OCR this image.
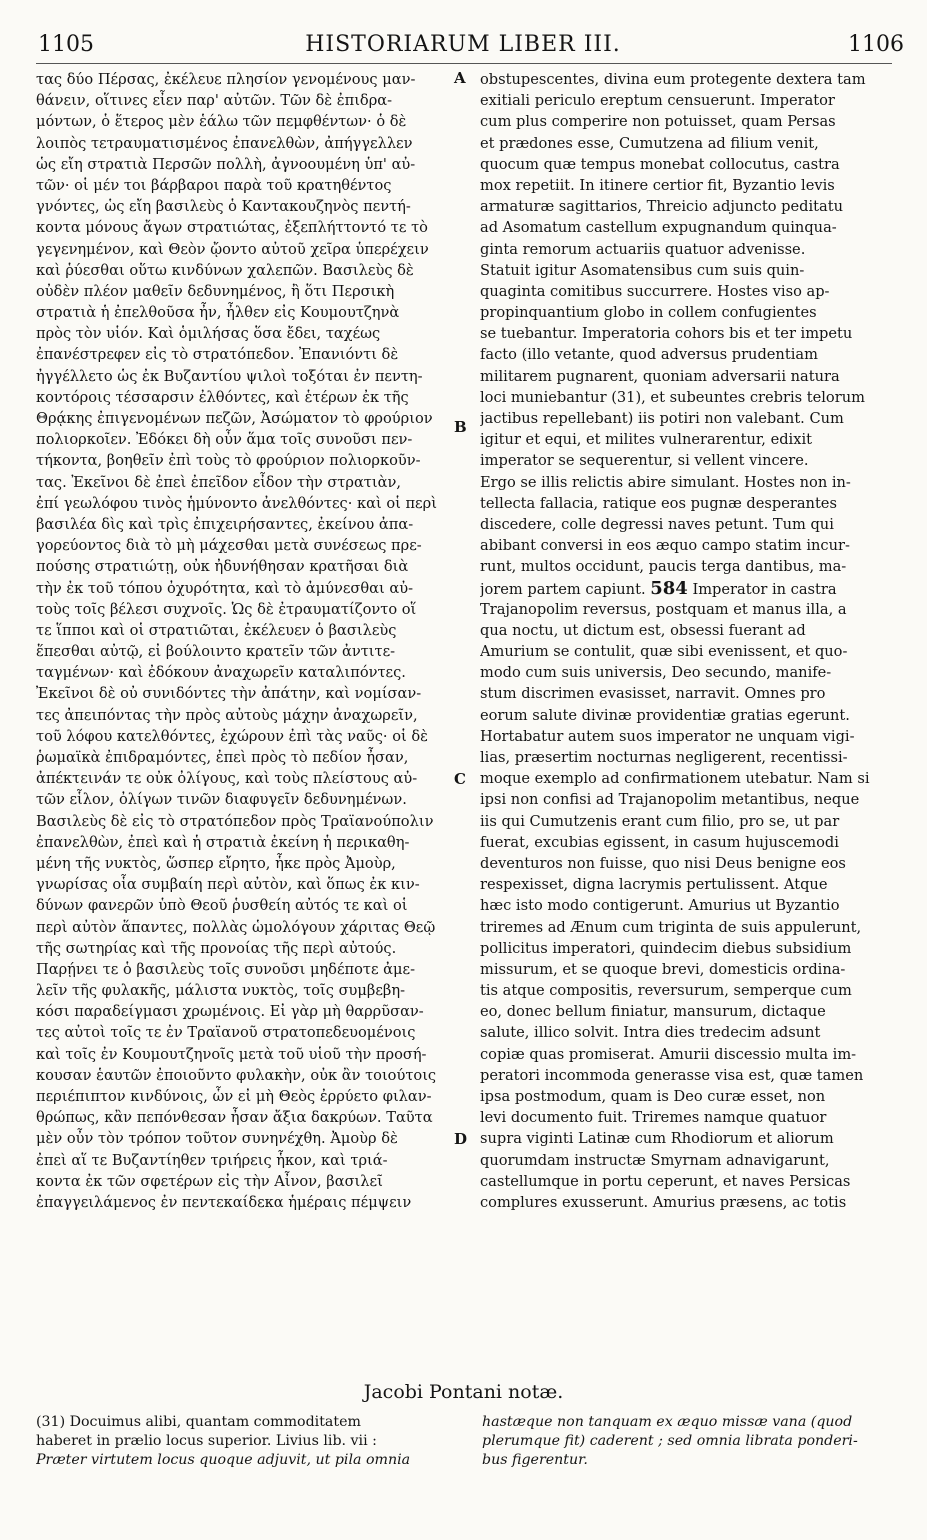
1105	HISTORIARUM LIBER III.	1106
τας δύο Πέρσας, ἐκέλευε πλησίον γενομένους μαν-
θάνειν, οἵτινες εἶεν παρ' αὐτῶν. Τῶν δὲ ἐπιδρα-
μόντων, ὁ ἕτερος μὲν ἑάλω τῶν πεμφθέντων· ὁ δὲ
λοιπὸς τετραυματισμένος ἐπανελθὼν, ἀπήγγελλεν
ὡς εἴη στρατιὰ Περσῶν πολλὴ, ἀγνοουμένη ὑπ' αὐ-
τῶν· οἱ μέν τοι βάρβαροι παρὰ τοῦ κρατηθέντος
γνόντες, ὡς εἴη βασιλεὺς ὁ Καντακουζηνὸς πεντή-
κοντα μόνους ἄγων στρατιώτας, ἐξεπλήττοντό τε τὸ
γεγενημένον, καὶ Θεὸν ᾤοντο αὐτοῦ χεῖρα ὑπερέχειν
καὶ ῥύεσθαι οὕτω κινδύνων χαλεπῶν. Βασιλεὺς δὲ
οὐδὲν πλέον μαθεῖν δεδυνημένος, ἢ ὅτι Περσικὴ
στρατιὰ ἡ ἐπελθοῦσα ἦν, ἦλθεν εἰς Κουμουτζηνὰ
πρὸς τὸν υἱόν. Καὶ ὁμιλήσας ὅσα ἔδει, ταχέως
ἐπανέστρεφεν εἰς τὸ στρατόπεδον. Ἐπανιόντι δὲ
ἠγγέλλετο ὡς ἐκ Βυζαντίου ψιλοὶ τοξόται ἐν πεντη-
κοντόροις τέσσαρσιν ἐλθόντες, καὶ ἑτέρων ἐκ τῆς
Θρᾴκης ἐπιγενομένων πεζῶν, Ἀσώματον τὸ φρούριον
πολιορκοῖεν. Ἐδόκει δὴ οὖν ἅμα τοῖς συνοῦσι πεν-
τήκοντα, βοηθεῖν ἐπὶ τοὺς τὸ φρούριον πολιορκοῦν-
τας. Ἐκεῖνοι δὲ ἐπεὶ ἐπεῖδον εἶδον τὴν στρατιὰν,
ἐπί γεωλόφου τινὸς ἡμύνοντο ἀνελθόντες· καὶ οἱ περὶ
βασιλέα δὶς καὶ τρὶς ἐπιχειρήσαντες, ἐκείνου ἀπα-
γορεύοντος διὰ τὸ μὴ μάχεσθαι μετὰ συνέσεως πρε-
πούσης στρατιώτῃ, οὐκ ἠδυνήθησαν κρατῆσαι διὰ
τὴν ἐκ τοῦ τόπου ὀχυρότητα, καὶ τὸ ἀμύνεσθαι αὐ-
τοὺς τοῖς βέλεσι συχνοῖς. Ὡς δὲ ἐτραυματίζοντο οἵ
τε ἵπποι καὶ οἱ στρατιῶται, ἐκέλευεν ὁ βασιλεὺς
ἕπεσθαι αὐτῷ, εἰ βούλοιντο κρατεῖν τῶν ἀντιτε-
ταγμένων· καὶ ἐδόκουν ἀναχωρεῖν καταλιπόντες.
Ἐκεῖνοι δὲ οὐ συνιδόντες τὴν ἀπάτην, καὶ νομίσαν-
τες ἀπειπόντας τὴν πρὸς αὐτοὺς μάχην ἀναχωρεῖν,
τοῦ λόφου κατελθόντες, ἐχώρουν ἐπὶ τὰς ναῦς· οἱ δὲ
ῥωμαϊκὰ ἐπιδραμόντες, ἐπεὶ πρὸς τὸ πεδίον ἦσαν,
ἀπέκτεινάν τε οὐκ ὀλίγους, καὶ τοὺς πλείστους αὐ-
τῶν εἷλον, ὀλίγων τινῶν διαφυγεῖν δεδυνημένων.
Βασιλεὺς δὲ εἰς τὸ στρατόπεδον πρὸς Τραϊανούπολιν
ἐπανελθὼν, ἐπεὶ καὶ ἡ στρατιὰ ἐκείνη ἡ περικαθη-
μένη τῆς νυκτὸς, ὥσπερ εἴρητο, ἧκε πρὸς Ἀμοὺρ,
γνωρίσας οἷα συμβαίη περὶ αὐτὸν, καὶ ὅπως ἐκ κιν-
δύνων φανερῶν ὑπὸ Θεοῦ ῥυσθείη αὐτός τε καὶ οἱ
περὶ αὐτὸν ἅπαντες, πολλὰς ὡμολόγουν χάριτας Θεῷ
τῆς σωτηρίας καὶ τῆς προνοίας τῆς περὶ αὐτούς.
Παρῄνει τε ὁ βασιλεὺς τοῖς συνοῦσι μηδέποτε ἀμε-
λεῖν τῆς φυλακῆς, μάλιστα νυκτὸς, τοῖς συμβεβη-
κόσι παραδείγμασι χρωμένοις. Εἰ γὰρ μὴ θαρρῦσαν-
τες αὐτοὶ τοῖς τε ἐν Τραϊανοῦ στρατοπεδευομένοις
καὶ τοῖς ἐν Κουμουτζηνοῖς μετὰ τοῦ υἱοῦ τὴν προσή-
κουσαν ἑαυτῶν ἐποιοῦντο φυλακὴν, οὐκ ἂν τοιούτοις
περιέπιπτον κινδύνοις, ὧν εἰ μὴ Θεὸς ἐρρύετο φιλαν-
θρώπως, κἂν πεπόνθεσαν ἦσαν ἄξια δακρύων. Ταῦτα
μὲν οὖν τὸν τρόπον τοῦτον συνηνέχθη. Ἀμοὺρ δὲ
ἐπεὶ αἵ τε Βυζαντίηθεν τριήρεις ἧκον, καὶ τριά-
κοντα ἐκ τῶν σφετέρων εἰς τὴν Αἶνον, βασιλεῖ
ἐπαγγειλάμενος ἐν πεντεκαίδεκα ἡμέραις πέμψειν
obstupescentes, divina eum protegente dextera tam
exitiali periculo ereptum censuerunt. Imperator
cum plus comperire non potuisset, quam Persas
et prædones esse, Cumutzena ad filium venit,
quocum quæ tempus monebat collocutus, castra
mox repetiit. In itinere certior fit, Byzantio levis
armaturæ sagittarios, Threicio adjuncto peditatu
ad Asomatum castellum expugnandum quinqua-
ginta remorum actuariis quatuor advenisse.
Statuit igitur Asomatensibus cum suis quin-
quaginta comitibus succurrere. Hostes viso ap-
propinquantium globo in collem confugientes
se tuebantur. Imperatoria cohors bis et ter impetu
facto (illo vetante, quod adversus prudentiam
militarem pugnarent, quoniam adversarii natura
loci muniebantur (31), et subeuntes crebris telorum
jactibus repellebant) iis potiri non valebant. Cum
igitur et equi, et milites vulnerarentur, edixit
imperator se sequerentur, si vellent vincere.
Ergo se illis relictis abire simulant. Hostes non in-
tellecta fallacia, ratique eos pugnæ desperantes
discedere, colle degressi naves petunt. Tum qui
abibant conversi in eos æquo campo statim incur-
runt, multos occidunt, paucis terga dantibus, ma-
jorem partem capiunt. 584 Imperator in castra
Trajanopolim reversus, postquam et manus illa, a
qua noctu, ut dictum est, obsessi fuerant ad
Amurium se contulit, quæ sibi evenissent, et quo-
modo cum suis universis, Deo secundo, manife-
stum discrimen evasisset, narravit. Omnes pro
eorum salute divinæ providentiæ gratias egerunt.
Hortabatur autem suos imperator ne unquam vigi-
lias, præsertim nocturnas negligerent, recentissi-
moque exemplo ad confirmationem utebatur. Nam si
ipsi non confisi ad Trajanopolim metantibus, neque
iis qui Cumutzenis erant cum filio, pro se, ut par
fuerat, excubias egissent, in casum hujuscemodi
deventuros non fuisse, quo nisi Deus benigne eos
respexisset, digna lacrymis pertulissent. Atque
hæc isto modo contigerunt. Amurius ut Byzantio
triremes ad Ænum cum triginta de suis appulerunt,
pollicitus imperatori, quindecim diebus subsidium
missurum, et se quoque brevi, domesticis ordina-
tis atque compositis, reversurum, semperque cum
eo, donec bellum finiatur, mansurum, dictaque
salute, illico solvit. Intra dies tredecim adsunt
copiæ quas promiserat. Amurii discessio multa im-
peratori incommoda generasse visa est, quæ tamen
ipsa postmodum, quam is Deo curæ esset, non
levi documento fuit. Triremes namque quatuor
supra viginti Latinæ cum Rhodiorum et aliorum
quorumdam instructæ Smyrnam adnavigarunt,
castellumque in portu ceperunt, et naves Persicas
complures exusserunt. Amurius præsens, ac totis
A
B
C
D
Jacobi Pontani notæ.
(31) Docuimus alibi, quantam commoditatem
haberet in prælio locus superior. Livius lib. vii :
Præter virtutem locus quoque adjuvit, ut pila omnia
hastæque non tanquam ex æquo missæ vana (quod
plerumque fit) caderent ; sed omnia librata ponderi-
bus figerentur.
